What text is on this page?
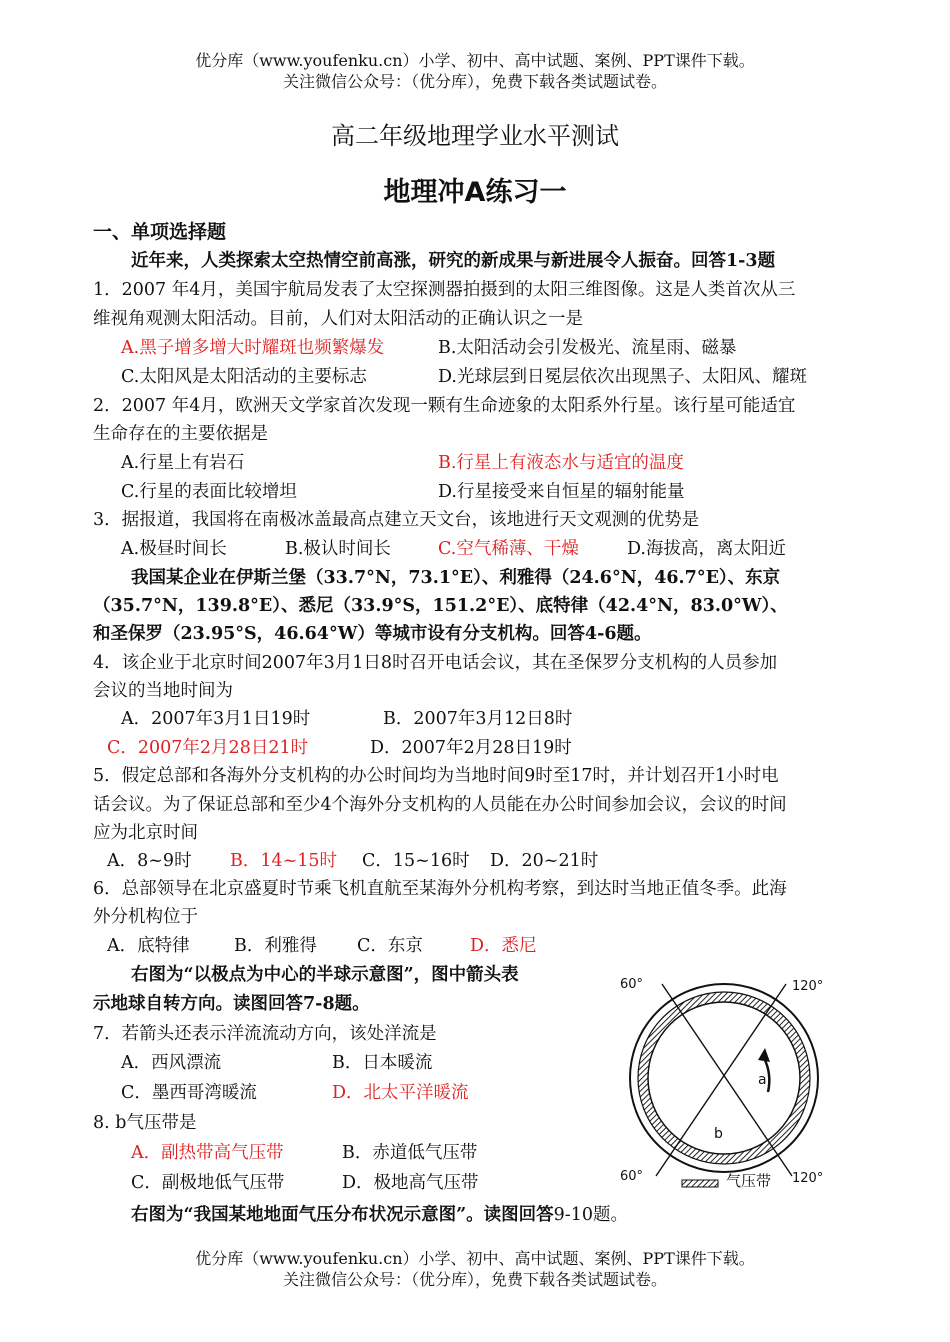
优分库（www.youfenku.cn）小学、初中、高中试题、案例、PPT课件下载。
关注微信公众号：（优分库），免费下载各类试题试卷。
高二年级地理学业水平测试
地理冲A练习一
一、单项选择题
近年来，人类探索太空热情空前高涨，研究的新成果与新进展令人振奋。回答1-3题
1．2007 年4月，美国宇航局发表了太空探测器拍摄到的太阳三维图像。这是人类首次从三
维视角观测太阳活动。目前，人们对太阳活动的正确认识之一是
A.黑子增多增大时耀斑也频繁爆发	B.太阳活动会引发极光、流星雨、磁暴
C.太阳风是太阳活动的主要标志	D.光球层到日冕层依次出现黑子、太阳风、耀斑
2．2007 年4月，欧洲天文学家首次发现一颗有生命迹象的太阳系外行星。该行星可能适宜
生命存在的主要依据是
A.行星上有岩石	B.行星上有液态水与适宜的温度
C.行星的表面比较增坦	D.行星接受来自恒星的辐射能量
3．据报道，我国将在南极冰盖最高点建立天文台，该地进行天文观测的优势是
A.极昼时间长	B.极认时间长	C.空气稀薄、干燥	D.海拔高，离太阳近
我国某企业在伊斯兰堡（33.7°N，73.1°E）、利雅得（24.6°N，46.7°E）、东京
（35.7°N，139.8°E）、悉尼（33.9°S，151.2°E）、底特律（42.4°N，83.0°W）、
和圣保罗（23.95°S，46.64°W）等城市设有分支机构。回答4-6题。
4．该企业于北京时间2007年3月1日8时召开电话会议，其在圣保罗分支机构的人员参加
会议的当地时间为
A．2007年3月1日19时	B．2007年3月12日8时
C．2007年2月28日21时	D．2007年2月28日19时
5．假定总部和各海外分支机构的办公时间均为当地时间9时至17时，并计划召开1小时电
话会议。为了保证总部和至少4个海外分支机构的人员能在办公时间参加会议，会议的时间
应为北京时间
A．8~9时 B．14~15时 C．15~16时 D．20~21时
6．总部领导在北京盛夏时节乘飞机直航至某海外分机构考察，到达时当地正值冬季。此海
外分机构位于
A．底特律	B．利雅得 C．东京	D．悉尼
右图为“以极点为中心的半球示意图”，图中箭头表
示地球自转方向。读图回答7-8题。
7．若箭头还表示洋流流动方向，该处洋流是
A．西风漂流	B．日本暖流
C．墨西哥湾暖流	D．北太平洋暖流
8. b气压带是
A．副热带高气压带	B．赤道低气压带
C．副极地低气压带	D．极地高气压带
右图为“我国某地地面气压分布状况示意图”。读图回答9-10题。
60°	120°
60°	120°
a
b
气压带
优分库（www.youfenku.cn）小学、初中、高中试题、案例、PPT课件下载。
关注微信公众号：（优分库），免费下载各类试题试卷。
